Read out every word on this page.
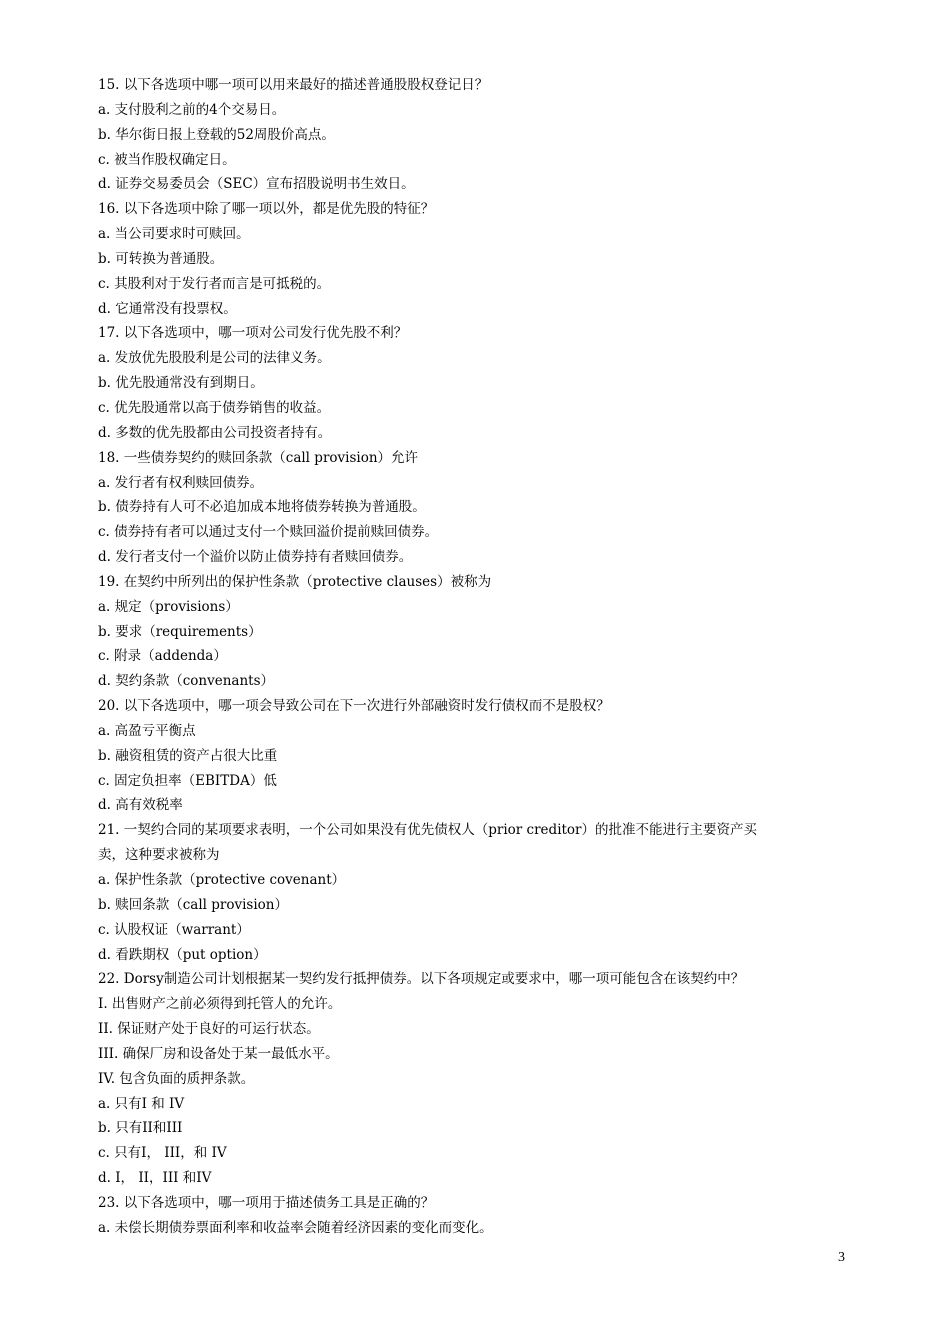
15. 以下各选项中哪一项可以用来最好的描述普通股股权登记日？
a. 支付股利之前的4个交易日。
b. 华尔街日报上登载的52周股价高点。
c. 被当作股权确定日。
d. 证券交易委员会（SEC）宣布招股说明书生效日。
16. 以下各选项中除了哪一项以外，都是优先股的特征？
a. 当公司要求时可赎回。
b. 可转换为普通股。
c. 其股利对于发行者而言是可抵税的。
d. 它通常没有投票权。
17. 以下各选项中，哪一项对公司发行优先股不利？
a. 发放优先股股利是公司的法律义务。
b. 优先股通常没有到期日。
c. 优先股通常以高于债券销售的收益。
d. 多数的优先股都由公司投资者持有。
18. 一些债券契约的赎回条款（call provision）允许
a. 发行者有权利赎回债券。
b. 债券持有人可不必追加成本地将债券转换为普通股。
c. 债券持有者可以通过支付一个赎回溢价提前赎回债券。
d. 发行者支付一个溢价以防止债券持有者赎回债券。
19. 在契约中所列出的保护性条款（protective clauses）被称为
a. 规定（provisions）
b. 要求（requirements）
c. 附录（addenda）
d. 契约条款（convenants）
20. 以下各选项中，哪一项会导致公司在下一次进行外部融资时发行债权而不是股权？
a. 高盈亏平衡点
b. 融资租赁的资产占很大比重
c. 固定负担率（EBITDA）低
d. 高有效税率
21. 一契约合同的某项要求表明，一个公司如果没有优先债权人（prior creditor）的批准不能进行主要资产买
卖，这种要求被称为
a. 保护性条款（protective covenant）
b. 赎回条款（call provision）
c. 认股权证（warrant）
d. 看跌期权（put option）
22. Dorsy制造公司计划根据某一契约发行抵押债券。以下各项规定或要求中，哪一项可能包含在该契约中？
I. 出售财产之前必须得到托管人的允许。
II. 保证财产处于良好的可运行状态。
III. 确保厂房和设备处于某一最低水平。
IV. 包含负面的质押条款。
a. 只有I 和 IV
b. 只有II和III
c. 只有I， III，和 IV
d. I， II，III 和IV
23. 以下各选项中，哪一项用于描述债务工具是正确的？
a. 未偿长期债券票面利率和收益率会随着经济因素的变化而变化。
3
